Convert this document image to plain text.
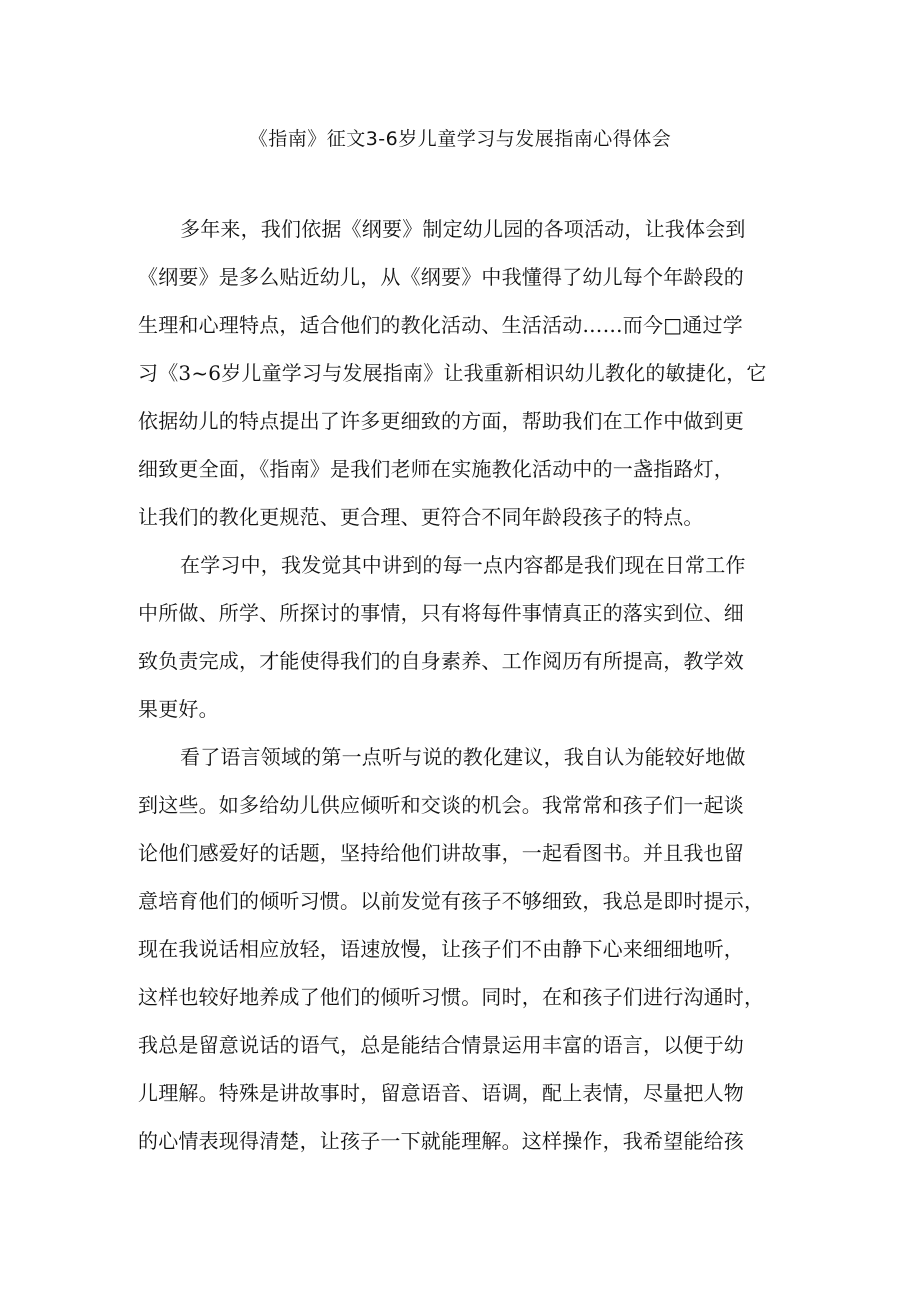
《指南》征文3-6岁儿童学习与发展指南心得体会
多年来，我们依据《纲要》制定幼儿园的各项活动，让我体会到
《纲要》是多么贴近幼儿，从《纲要》中我懂得了幼儿每个年龄段的
生理和心理特点，适合他们的教化活动、生活活动……而今□通过学
习《3~6岁儿童学习与发展指南》让我重新相识幼儿教化的敏捷化，它
依据幼儿的特点提出了许多更细致的方面，帮助我们在工作中做到更
细致更全面，《指南》是我们老师在实施教化活动中的一盏指路灯，
让我们的教化更规范、更合理、更符合不同年龄段孩子的特点。
在学习中，我发觉其中讲到的每一点内容都是我们现在日常工作
中所做、所学、所探讨的事情，只有将每件事情真正的落实到位、细
致负责完成，才能使得我们的自身素养、工作阅历有所提高，教学效
果更好。
看了语言领域的第一点听与说的教化建议，我自认为能较好地做
到这些。如多给幼儿供应倾听和交谈的机会。我常常和孩子们一起谈
论他们感爱好的话题，坚持给他们讲故事，一起看图书。并且我也留
意培育他们的倾听习惯。以前发觉有孩子不够细致，我总是即时提示，
现在我说话相应放轻，语速放慢，让孩子们不由静下心来细细地听，
这样也较好地养成了他们的倾听习惯。同时，在和孩子们进行沟通时，
我总是留意说话的语气，总是能结合情景运用丰富的语言，以便于幼
儿理解。特殊是讲故事时，留意语音、语调，配上表情，尽量把人物
的心情表现得清楚，让孩子一下就能理解。这样操作，我希望能给孩
